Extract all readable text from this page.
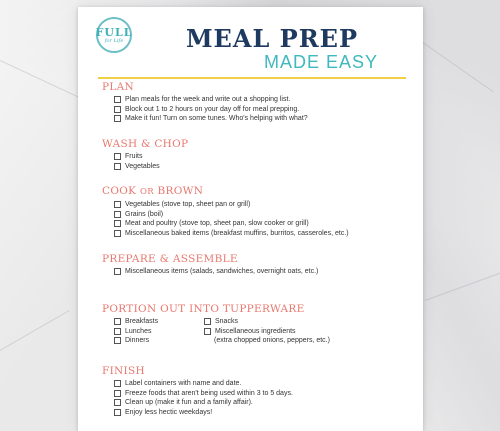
FULL
for Life	MEAL PREP
MADE EASY
PLAN
Plan meals for the week and write out a shopping list.
Block out 1 to 2 hours on your day off for meal prepping.
Make it fun! Turn on some tunes. Who's helping with what?
WASH & CHOP
Fruits
Vegetables
COOK OR BROWN
Vegetables (stove top, sheet pan or grill)
Grains (boil)
Meat and poultry (stove top, sheet pan, slow cooker or grill)
Miscellaneous baked items (breakfast muffins, burritos, casseroles, etc.)
PREPARE & ASSEMBLE
Miscellaneous items (salads, sandwiches, overnight oats, etc.)
PORTION OUT INTO TUPPERWARE
Breakfasts
Lunches
Dinners
Snacks
Miscellaneous ingredients
(extra chopped onions, peppers, etc.)
FINISH
Label containers with name and date.
Freeze foods that aren't being used within 3 to 5 days.
Clean up (make it fun and a family affair).
Enjoy less hectic weekdays!
